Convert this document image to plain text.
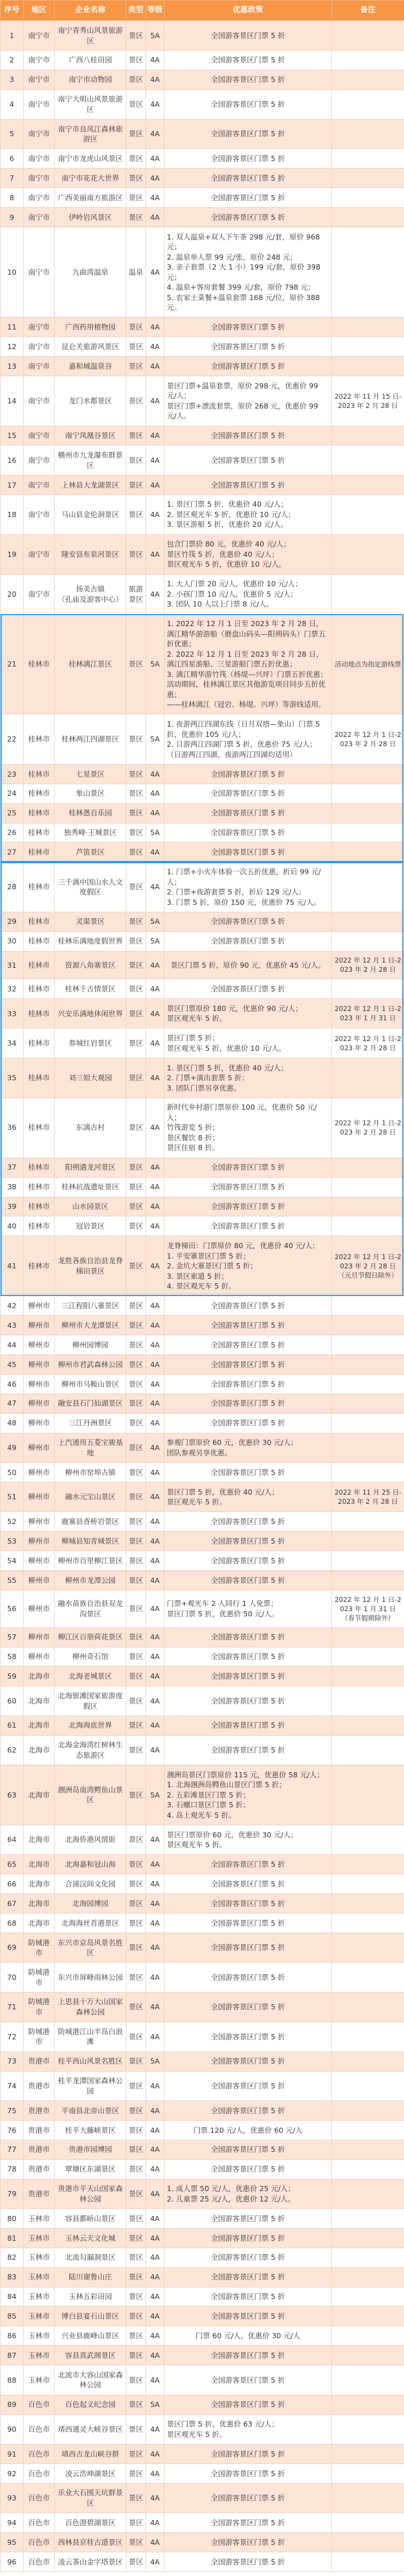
序号	地区	企业名称	类型	等级	优惠政策	备注
1	南宁市	南宁青秀山风景旅游区	景区	5A	全国游客景区门票 5 折	
2	南宁市	广西八桂田园	景区	4A	全国游客景区门票 5 折	
3	南宁市	南宁市动物园	景区	4A	全国游客景区门票 5 折	
4	南宁市	南宁大明山风景旅游区	景区	4A	全国游客景区门票 5 折	
5	南宁市	南宁市良凤江森林旅游区	景区	4A	全国游客景区门票 5 折	
6	南宁市	南宁市龙虎山风景区	景区	4A	全国游客景区门票 5 折	
7	南宁市	南宁市花花大世界	景区	4A	全国游客景区门票 5 折	
8	南宁市	广西美丽南方旅游区	景区	4A	全国游客景区门票 5 折	
9	南宁市	伊岭岩风景区	景区	4A	全国游客景区门票 5 折	
10	南宁市	九曲湾温泉	温泉	4A	1. 双人温泉+双人下午茶 298 元/套，原价 968 元；
2. 温泉单人票 99 元/张，原价 248 元；
3. 亲子套票（2 大 1 小）199 元/套，原价 398 元；
4. 温泉+客房套餐 399 元/套，原价 798 元；
5. 农家土菜餐+温泉套票 168 元/位，原价 388 元。	
11	南宁市	广西药用植物园	景区	4A	全国游客景区门票 5 折	
12	南宁市	昆仑关旅游风景区	景区	4A	全国游客景区门票 5 折	
13	南宁市	嘉和城温泉谷	景区	4A	全国游客景区门票 5 折	
14	南宁市	龙门水都景区	景区	4A	景区门票+温泉套票，原价 298 元，优惠价 99 元/人；
景区门票+漂流套票，原价 268 元，优惠价 99 元/人。	2022 年 11 月 15 日-2023 年 2 月 28 日
15	南宁市	南宁凤凰谷景区	景区	4A	全国游客景区门票 5 折	
16	南宁市	横州市九龙瀑布群景区	景区	4A	全国游客景区门票 5 折	
17	南宁市	上林县大龙湖景区	景区	4A	全国游客景区门票 5 折	
18	南宁市	马山县金伦洞景区	景区	4A	1. 景区门票 5 折，优惠价 40 元/人；
2. 景区观光车 5 折，优惠价 10 元/人；
3. 景区游船 5 折，优惠价 20 元/人。	
19	南宁市	隆安县布泉河景区	景区	4A	包含门票价 80 元，优惠价 40 元/人；
景区竹筏 5 折，优惠价 40 元/人；
景区观光车 5 折，优惠价 10 元/人。	
20	南宁市	扬美古镇
（孔庙及游客中心）	旅游景区	4A	1. 大人门票 20 元/人，优惠价 10 元/人；
2. 小孩门票 10 元/人，优惠价 5 元/人；
3. 团队 10 人以上门票 8 元/人。	
21	桂林市	桂林漓江景区	景区	5A	1. 2022 年 12 月 1 日至 2023 年 2 月 28 日，漓江精华游游船（磨盘山码头—阳朔码头）门票五折优惠；
2. 2022 年 12 月 1 日至 2023 年 2 月 28 日，漓江四星游船、三星游船门票五折优惠；
3. 漓江精华游竹筏（杨堤—兴坪）门票五折优惠；
活动期间，桂林漓江景区其他游览项目同步五折优惠；
——桂林漓江（冠岩、杨堤、兴坪）等游线适用。	活动地点为指定游线票
22	桂林市	桂林两江四湖景区	景区	5A	1. 夜游两江四湖东线（日月双塔—象山）门票 5 折，优惠价 105 元/人；
2. 日游两江四湖门票 5 折，优惠价 75 元/人；
（日游两江四湖、夜游两江四湖均适用）	2022 年 12 月 1 日-2023 年 2 月 28 日
23	桂林市	七星景区	景区	4A	全国游客景区门票 5 折	
24	桂林市	象山景区	景区	4A	全国游客景区门票 5 折	
25	桂林市	桂林愚自乐园	景区	4A	全国游客景区门票 5 折	
26	桂林市	独秀峰·王城景区	景区	5A	全国游客景区门票 5 折	
27	桂林市	芦笛景区	景区	4A	全国游客景区门票 5 折	
28	桂林市	三千漓中国山水人文度假区	景区	4A	1. 门票+小火车体验一次五折优惠，折后 99 元/人；
2. 门票+夜游套票 5 折，折后 129 元/人；
3. 门票 5 折，原价 150 元，优惠价 75 元/人。	
29	桂林市	灵渠景区	景区	5A	全国游客景区门票 5 折	
30	桂林市	桂林乐满地度假世界	景区	5A	全国游客景区门票 5 折	
31	桂林市	资源八角寨景区	景区	4A	景区门票 5 折，原价 90 元，优惠价 45 元/人。	2022 年 12 月 1 日-2023 年 2 月 28 日
32	桂林市	桂林千古情景区	景区	4A	全国游客景区门票 5 折	
33	桂林市	兴安乐满地休闲世界	景区	4A	景区门票原价 180 元，优惠价 90 元/人；
景区观光车 5 折。	2022 年 12 月 1 日-2023 年 1 月 31 日
34	桂林市	恭城红岩景区	景区	4A	景区门票 5 折；
景区观光车 5 折，优惠价 10 元/人。	2022 年 12 月 1 日-2023 年 2 月 28 日
35	桂林市	刘三姐大观园	景区	4A	1. 景区门票 5 折，优惠价 40 元/人；
2. 门票+演出套票 5 折；
3. 团队门票另享优惠。	
36	桂林市	东漓古村	景区	4A	新时代乡村游门票原价 100 元，优惠价 50 元/人；
竹筏游览 5 折；
景区餐饮 8 折；
景区住宿 8 折。	2022 年 12 月 1 日-2023 年 2 月 28 日
37	桂林市	阳朔遇龙河景区	景区	4A	全国游客景区门票 5 折	
38	桂林市	桂林抗战遗址景区	景区	4A	全国游客景区门票 5 折	
39	桂林市	山水园景区	景区	4A	全国游客景区门票 5 折	
40	桂林市	冠岩景区	景区	4A	全国游客景区门票 5 折	
41	桂林市	龙胜各族自治县龙脊梯田景区	景区	4A	龙脊梯田：门票原价 80 元，优惠价 40 元/人；
1. 平安寨景区门票 5 折；
2. 金坑大寨景区门票 5 折；
3. 景区索道 5 折；
4. 景区观光车 5 折。	2022 年 12 月 1 日-2023 年 2 月 28 日（元旦节假日除外）
42	柳州市	三江程阳八寨景区	景区	4A	全国游客景区门票 5 折	
43	柳州市	柳州市大龙潭景区	景区	4A	全国游客景区门票 5 折	
44	柳州市	柳州园博园	景区	4A	全国游客景区门票 5 折	
45	柳州市	柳州市君武森林公园	景区	4A	全国游客景区门票 5 折	
46	柳州市	柳州市马鞍山景区	景区	4A	全国游客景区门票 5 折	
47	柳州市	融安县石门仙湖景区	景区	4A	全国游客景区门票 5 折	
48	柳州市	三江丹洲景区	景区	4A	全国游客景区门票 5 折	
49	柳州市	上汽通用五菱宝骏基地	景区	4A	参观门票原价 60 元，优惠价 30 元/人；
团队参观另享优惠。	
50	柳州市	柳州市窑埠古镇	景区	4A	全国游客景区门票 5 折	
51	柳州市	融水元宝山景区	景区	4A	景区门票 5 折，优惠价 40 元/人；
景区观光车 5 折。	2022 年 11 月 25 日-2023 年 2 月 28 日
52	柳州市	鹿寨县香桥岩景区	景区	4A	全国游客景区门票 5 折	
53	柳州市	柳城县知青城景区	景区	4A	全国游客景区门票 5 折	
54	柳州市	柳州市百里柳江景区	景区	4A	全国游客景区门票 5 折	
55	柳州市	柳州市龙潭公园	景区	4A	全国游客景区门票 5 折	
56	柳州市	融水苗族自治县双龙沟景区	景区	4A	门票+观光车 2 人同行 1 人免票；
景区门票 5 折，优惠价 50 元/人。	2022 年 12 月 1 日-2023 年 1 月 31 日（春节假期除外）
57	柳州市	柳江区百朋荷花景区	景区	4A	全国游客景区门票 5 折	
58	柳州市	柳州奇石馆	景区	4A	全国游客景区门票 5 折	
59	北海市	北海老城景区	景区	4A	全国游客景区门票 5 折	
60	北海市	北海银滩国家旅游度假区	景区	4A	全国游客景区门票 5 折	
61	北海市	北海海底世界	景区	4A	全国游客景区门票 5 折	
62	北海市	北海金海湾红树林生态旅游区	景区	4A	全国游客景区门票 5 折	
63	北海市	涠洲岛南湾鳄鱼山景区	景区	5A	涠洲岛景区门票原价 115 元，优惠价 58 元/人；
1. 北海涠洲岛鳄鱼山景区门票 5 折；
2. 五彩滩景区门票 5 折；
3. 石螺口景区门票 5 折；
4. 岛上观光车 5 折。	
64	北海市	北海侨港风情街	景区	4A	景区门票原价 60 元，优惠价 30 元/人；
景区观光车 5 折。	
65	北海市	北海嘉和冠山海	景区	4A	全国游客景区门票 5 折	
66	北海市	合浦汉闾文化园	景区	4A	全国游客景区门票 5 折	
67	北海市	北海园博园	景区	4A	全国游客景区门票 5 折	
68	北海市	北海海丝首港景区	景区	4A	全国游客景区门票 5 折	
69	防城港市	东兴市京岛风景名胜区	景区	4A	全国游客景区门票 5 折	
70	防城港市	东兴市屏峰雨林公园	景区	4A	全国游客景区门票 5 折	
71	防城港市	上思县十万大山国家森林公园	景区	4A	全国游客景区门票 5 折	
72	防城港市	防城港江山半岛白浪滩	景区	4A	全国游客景区门票 5 折	
73	贵港市	桂平西山风景名胜区	景区	5A	全国游客景区门票 5 折	
74	贵港市	桂平龙潭国家森林公园	景区	4A	全国游客景区门票 5 折	
75	贵港市	平南县北帝山景区	景区	4A	全国游客景区门票 5 折	
76	贵港市	桂平大藤峡景区	景区	4A	门票 120 元/人，优惠价 60 元/人	
77	贵港市	贵港市园博园	景区	4A	全国游客景区门票 5 折	
78	贵港市	覃塘区东湖景区	景区	4A	全国游客景区门票 5 折	
79	贵港市	贵港市平天山国家森林公园	景区	4A	1. 成人票 50 元/人，优惠价 25 元/人；
2. 儿童票 25 元/人，优惠价 12 元/人。	
80	玉林市	容县都峤山景区	景区	4A	全国游客景区门票 5 折	
81	玉林市	玉林云天文化城	景区	4A	全国游客景区门票 5 折	
82	玉林市	北流勾漏洞景区	景区	4A	全国游客景区门票 5 折	
83	玉林市	陆川谢鲁山庄	景区	4A	全国游客景区门票 5 折	
84	玉林市	玉林五彩田园	景区	4A	全国游客景区门票 5 折	
85	玉林市	博白县宴石山景区	景区	4A	全国游客景区门票 5 折	
86	玉林市	兴业县鹿峰山景区	景区	4A	门票 60 元/人，优惠价 30 元/人	
87	玉林市	容县真武阁景区	景区	4A	全国游客景区门票 5 折	
88	玉林市	北流市大容山国家森林公园	景区	4A	全国游客景区门票 5 折	
89	百色市	百色起义纪念园	景区	5A	全国游客景区门票 5 折	
90	百色市	靖西通灵大峡谷景区	景区	4A	景区门票 5 折，优惠价 63 元/人；
景区观光车 5 折。	
91	百色市	靖西古龙山峡谷群	景区	4A	全国游客景区门票 5 折	
92	百色市	凌云浩坤湖景区	景区	4A	全国游客景区门票 5 折	
93	百色市	乐业大石围天坑群景区	景区	4A	全国游客景区门票 5 折	
94	百色市	百色澄碧湖景区	景区	4A	全国游客景区门票 5 折	
95	百色市	西林县京桂古道景区	景区	4A	全国游客景区门票 5 折	
96	百色市	凌云茶山金字塔景区	景区	4A	全国游客景区门票 5 折	
